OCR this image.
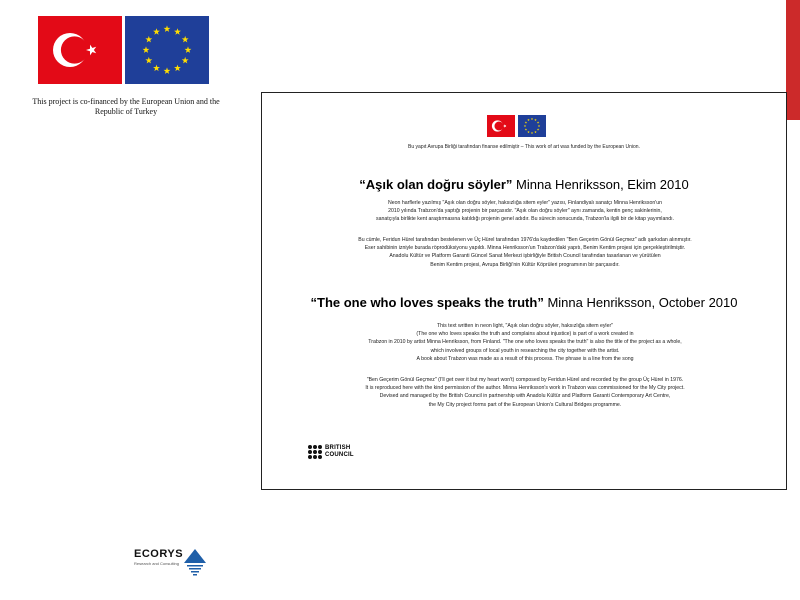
This project is co-financed by the European Union and the
Republic of Turkey
Bu yapıt Avrupa Birliği tarafından finanse edilmiştir – This work of art was funded by the European Union.
“Aşık olan doğru söyler” Minna Henriksson, Ekim 2010
Neon harflerle yazılmış "Aşık olan doğru söyler, haksızlığa sitem eyler" yazısı, Finlandiyalı sanatçı Minna Henriksson'un
2010 yılında Trabzon'da yaptığı projenin bir parçasıdır. "Aşık olan doğru söyler" aynı zamanda, kentin genç sakinlerinin,
sanatçıyla birlikte kent araştırmasına katıldığı projenin genel adıdır. Bu sürecin sonucunda, Trabzon'la ilgili bir de kitap yayımlandı.
Bu cümle, Feridun Hürel tarafından bestelenen ve Üç Hürel tarafından 1976'da kaydedilen "Ben Geçerim Gönül Geçmez" adlı şarkıdan alınmıştır.
Eser sahibinin izniyle burada röprodüksiyonu yapıldı. Minna Henriksson'un Trabzon'daki yapıtı, Benim Kentim projesi için gerçekleştirilmiştir.
Anadolu Kültür ve Platform Garanti Güncel Sanat Merkezi işbirliğiyle British Council tarafından tasarlanan ve yürütülen
Benim Kentim projesi, Avrupa Birliği'nin Kültür Köprüleri programının bir parçasıdır.
“The one who loves speaks the truth” Minna Henriksson, October 2010
This text written in neon light, "Aşık olan doğru söyler, haksızlığa sitem eyler"
(The one who loves speaks the truth and complains about injustice) is part of a work created in
Trabzon in 2010 by artist Minna Henriksson, from Finland. "The one who loves speaks the truth" is also the title of the project as a whole,
which involved groups of local youth in researching the city together with the artist.
A book about Trabzon was made as a result of this process. The phrase is a line from the song
"Ben Geçerim Gönül Geçmez" (I'll get over it but my heart won't) composed by Feridun Hürel and recorded by the group Üç Hürel in 1976.
It is reproduced here with the kind permission of the author. Minna Henriksson's work in Trabzon was commissioned for the My City project.
Devised and managed by the British Council in partnership with Anadolu Kültür and Platform Garanti Contemporary Art Centre,
the My City project forms part of the European Union's Cultural Bridges programme.
BRITISH
COUNCIL
ECORYS
Research and Consulting
